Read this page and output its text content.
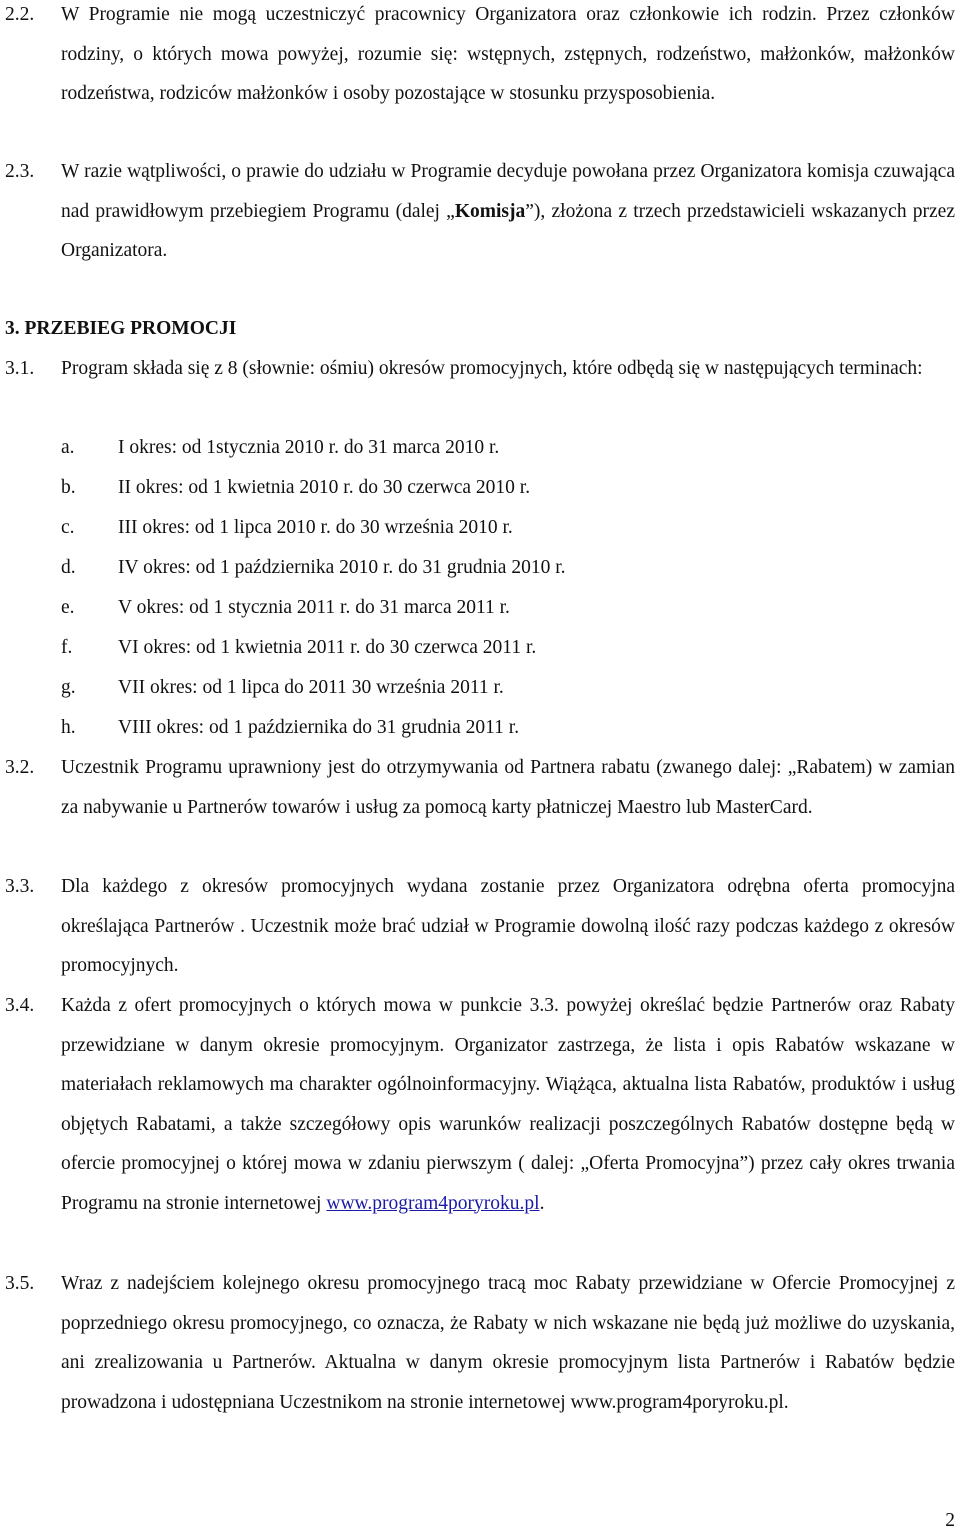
2.2. W Programie nie mogą uczestniczyć pracownicy Organizatora oraz członkowie ich rodzin. Przez członków rodziny, o których mowa powyżej, rozumie się: wstępnych, zstępnych, rodzeństwo, małżonków, małżonków rodzeństwa, rodziców małżonków i osoby pozostające w stosunku przysposobienia.
2.3. W razie wątpliwości, o prawie do udziału w Programie decyduje powołana przez Organizatora komisja czuwająca nad prawidłowym przebiegiem Programu (dalej „Komisja”), złożona z trzech przedstawicieli wskazanych przez Organizatora.
3. PRZEBIEG PROMOCJI
3.1. Program składa się z 8 (słownie: ośmiu) okresów promocyjnych, które odbędą się w następujących terminach:
a. I okres: od 1stycznia 2010 r. do 31 marca 2010 r.
b. II okres: od 1 kwietnia 2010 r. do 30 czerwca 2010 r.
c. III okres: od 1 lipca 2010 r. do 30 września 2010 r.
d. IV okres: od 1 października 2010 r. do 31 grudnia 2010 r.
e. V okres: od 1 stycznia 2011 r. do 31 marca 2011 r.
f. VI okres: od 1 kwietnia 2011 r. do 30 czerwca 2011 r.
g. VII okres: od 1 lipca do 2011 30 września 2011 r.
h. VIII okres: od 1 października do 31 grudnia 2011 r.
3.2. Uczestnik Programu uprawniony jest do otrzymywania od Partnera rabatu (zwanego dalej: „Rabatem) w zamian za nabywanie u Partnerów towarów i usług za pomocą karty płatniczej Maestro lub MasterCard.
3.3. Dla każdego z okresów promocyjnych wydana zostanie przez Organizatora odrębna oferta promocyjna określająca Partnerów . Uczestnik może brać udział w Programie dowolną ilość razy podczas każdego z okresów promocyjnych.
3.4. Każda z ofert promocyjnych o których mowa w punkcie 3.3. powyżej określać będzie Partnerów oraz Rabaty przewidziane w danym okresie promocyjnym. Organizator zastrzega, że lista i opis Rabatów wskazane w materiałach reklamowych ma charakter ogólnoinformacyjny. Wiążąca, aktualna lista Rabatów, produktów i usług objętych Rabatami, a także szczegółowy opis warunków realizacji poszczególnych Rabatów dostępne będą w ofercie promocyjnej o której mowa w zdaniu pierwszym ( dalej: „Oferta Promocyjna”) przez cały okres trwania Programu na stronie internetowej www.program4poryroku.pl.
3.5. Wraz z nadejściem kolejnego okresu promocyjnego tracą moc Rabaty przewidziane w Ofercie Promocyjnej z poprzedniego okresu promocyjnego, co oznacza, że Rabaty w nich wskazane nie będą już możliwe do uzyskania, ani zrealizowania u Partnerów. Aktualna w danym okresie promocyjnym lista Partnerów i Rabatów będzie prowadzona i udostępniana Uczestnikom na stronie internetowej www.program4poryroku.pl.
2
